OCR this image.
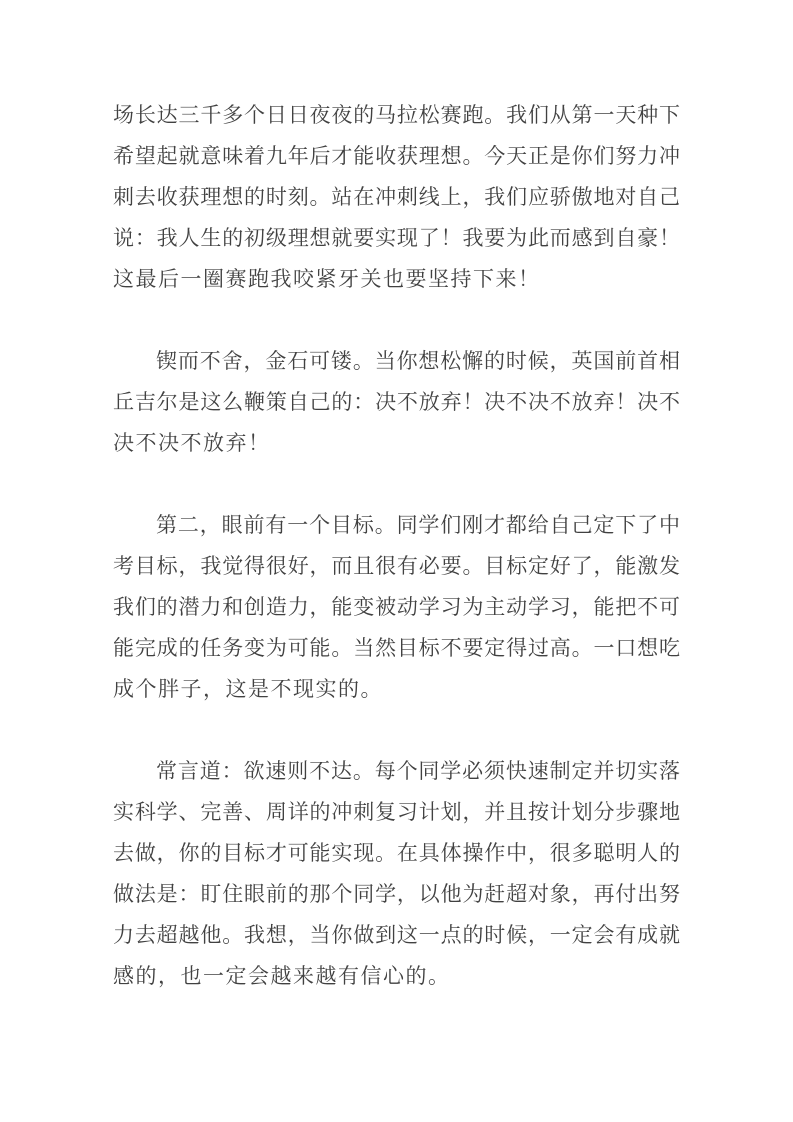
场长达三千多个日日夜夜的马拉松赛跑。我们从第一天种下
希望起就意味着九年后才能收获理想。今天正是你们努力冲
刺去收获理想的时刻。站在冲刺线上，我们应骄傲地对自己
说：我人生的初级理想就要实现了！我要为此而感到自豪！
这最后一圈赛跑我咬紧牙关也要坚持下来！
锲而不舍，金石可镂。当你想松懈的时候，英国前首相
丘吉尔是这么鞭策自己的：决不放弃！决不决不放弃！决不
决不决不放弃！
第二，眼前有一个目标。同学们刚才都给自己定下了中
考目标，我觉得很好，而且很有必要。目标定好了，能激发
我们的潜力和创造力，能变被动学习为主动学习，能把不可
能完成的任务变为可能。当然目标不要定得过高。一口想吃
成个胖子，这是不现实的。
常言道：欲速则不达。每个同学必须快速制定并切实落
实科学、完善、周详的冲刺复习计划，并且按计划分步骤地
去做，你的目标才可能实现。在具体操作中，很多聪明人的
做法是：盯住眼前的那个同学，以他为赶超对象，再付出努
力去超越他。我想，当你做到这一点的时候，一定会有成就
感的，也一定会越来越有信心的。
